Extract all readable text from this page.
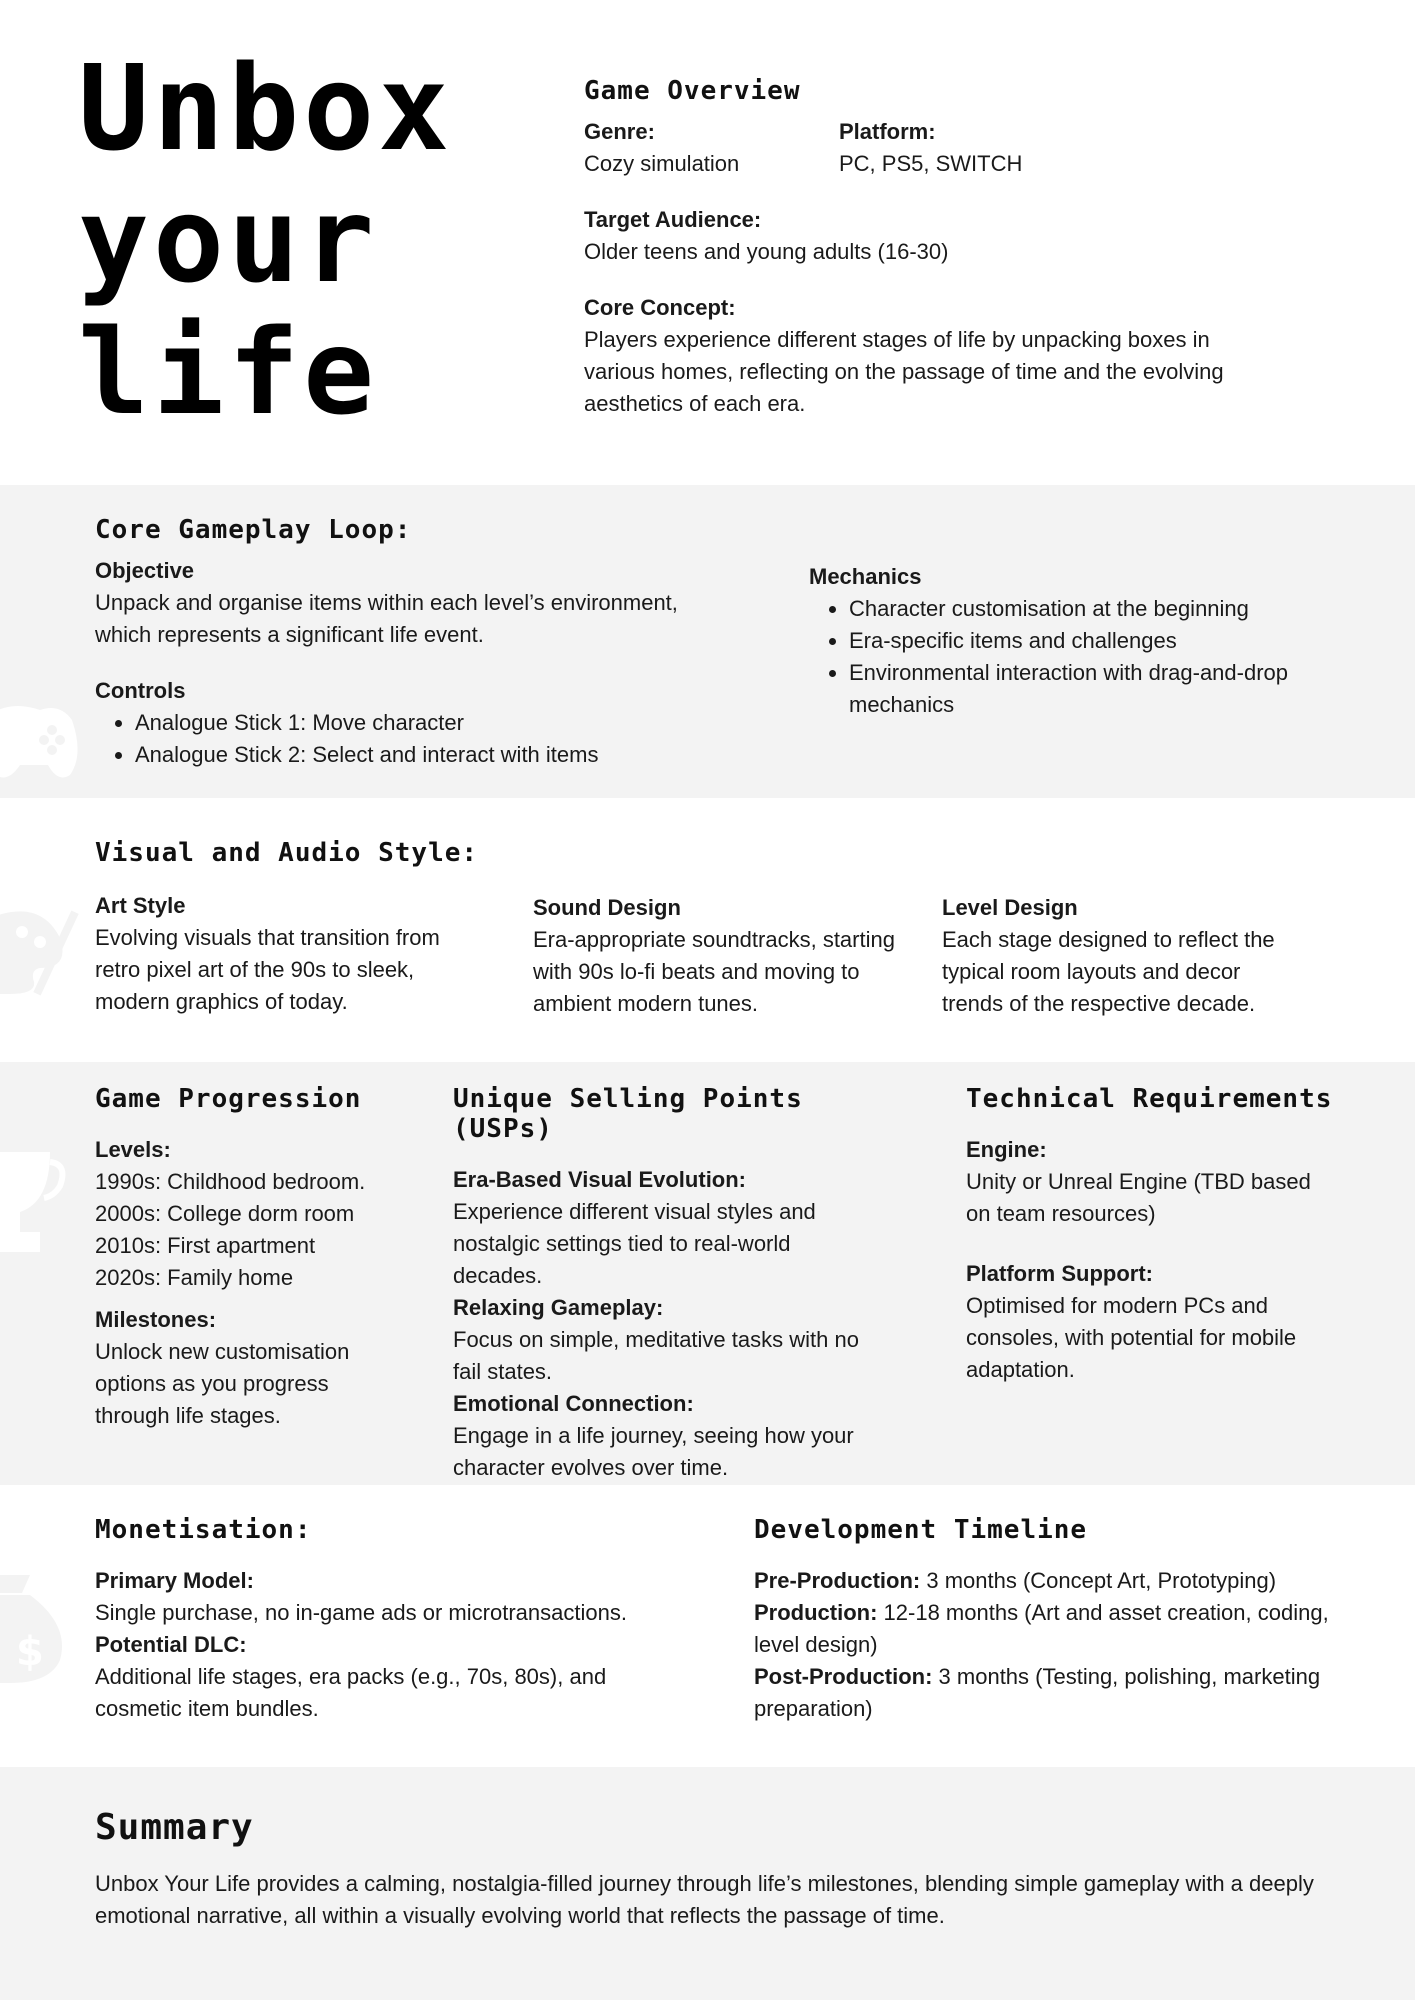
Unbox

your

life

Game Overview

Genre:

Cozy simulation

Platform:

PC, PS5, SWITCH

Target Audience:

Older teens and young adults (16-30)

Core Concept:

Players experience different stages of life by unpacking boxes in various homes, reflecting on the passage of time and the evolving aesthetics of each era.

Core Gameplay Loop:

Objective

Unpack and organise items within each level’s environment, which represents a significant life event.

Controls

• Analogue Stick 1: Move character
• Analogue Stick 2: Select and interact with items

Mechanics

• Character customisation at the beginning
• Era-specific items and challenges
• Environmental interaction with drag-and-drop mechanics
Visual and Audio Style:

Art Style

Evolving visuals that transition from retro pixel art of the 90s to sleek, modern graphics of today.

Sound Design

Era-appropriate soundtracks, starting with 90s lo-fi beats and moving to ambient modern tunes.

Level Design

Each stage designed to reflect the typical room layouts and decor trends of the respective decade.

Game Progression

Levels:

1990s: Childhood bedroom.

2000s: College dorm room

2010s: First apartment

2020s: Family home

Milestones:

Unlock new customisation options as you progress through life stages.

Unique Selling Points (USPs)

Era-Based Visual Evolution:

Experience different visual styles and nostalgic settings tied to real-world decades.

Relaxing Gameplay:

Focus on simple, meditative tasks with no fail states.

Emotional Connection:

Engage in a life journey, seeing how your character evolves over time.

Technical Requirements

Engine:

Unity or Unreal Engine (TBD based on team resources)

Platform Support:

Optimised for modern PCs and consoles, with potential for mobile adaptation.

$
Monetisation:

Primary Model:

Single purchase, no in-game ads or microtransactions.

Potential DLC:

Additional life stages, era packs (e.g., 70s, 80s), and cosmetic item bundles.

Development Timeline

Pre-Production: 3 months (Concept Art, Prototyping)

Production: 12-18 months (Art and asset creation, coding, level design)

Post-Production: 3 months (Testing, polishing, marketing preparation)

Summary

Unbox Your Life provides a calming, nostalgia-filled journey through life’s milestones, blending simple gameplay with a deeply emotional narrative, all within a visually evolving world that reflects the passage of time.
